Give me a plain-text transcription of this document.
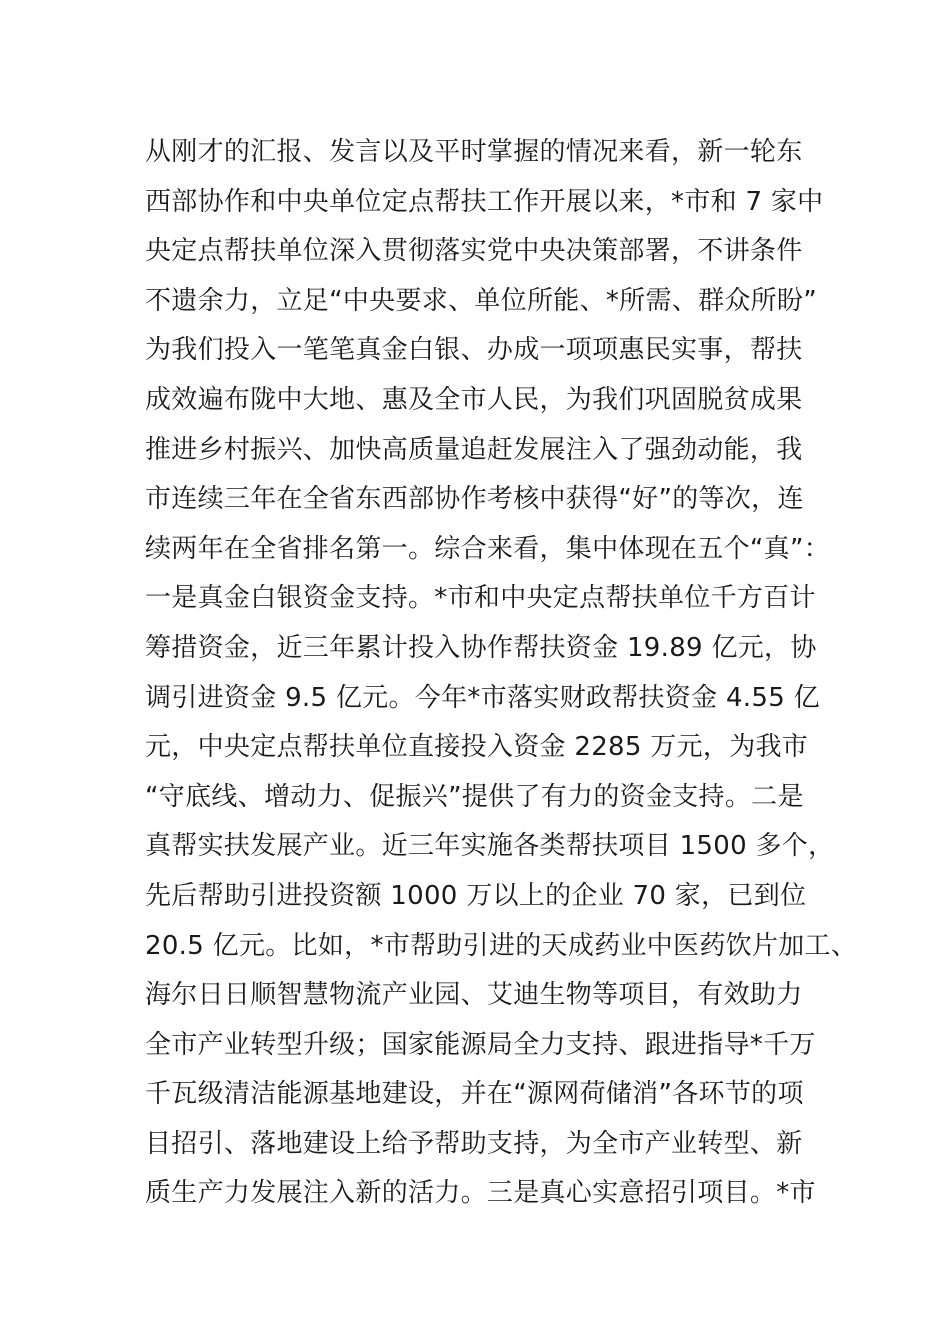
从刚才的汇报、发言以及平时掌握的情况来看，新一轮东
西部协作和中央单位定点帮扶工作开展以来，*市和 7 家中
央定点帮扶单位深入贯彻落实党中央决策部署，不讲条件
不遗余力，立足“中央要求、单位所能、*所需、群众所盼”
为我们投入一笔笔真金白银、办成一项项惠民实事，帮扶
成效遍布陇中大地、惠及全市人民，为我们巩固脱贫成果
推进乡村振兴、加快高质量追赶发展注入了强劲动能，我
市连续三年在全省东西部协作考核中获得“好”的等次，连
续两年在全省排名第一。综合来看，集中体现在五个“真”：
一是真金白银资金支持。*市和中央定点帮扶单位千方百计
筹措资金，近三年累计投入协作帮扶资金 19.89 亿元，协
调引进资金 9.5 亿元。今年*市落实财政帮扶资金 4.55 亿
元，中央定点帮扶单位直接投入资金 2285 万元，为我市
“守底线、增动力、促振兴”提供了有力的资金支持。二是
真帮实扶发展产业。近三年实施各类帮扶项目 1500 多个，
先后帮助引进投资额 1000 万以上的企业 70 家，已到位
20.5 亿元。比如，*市帮助引进的天成药业中医药饮片加工、
海尔日日顺智慧物流产业园、艾迪生物等项目，有效助力
全市产业转型升级；国家能源局全力支持、跟进指导*千万
千瓦级清洁能源基地建设，并在“源网荷储消”各环节的项
目招引、落地建设上给予帮助支持，为全市产业转型、新
质生产力发展注入新的活力。三是真心实意招引项目。*市
